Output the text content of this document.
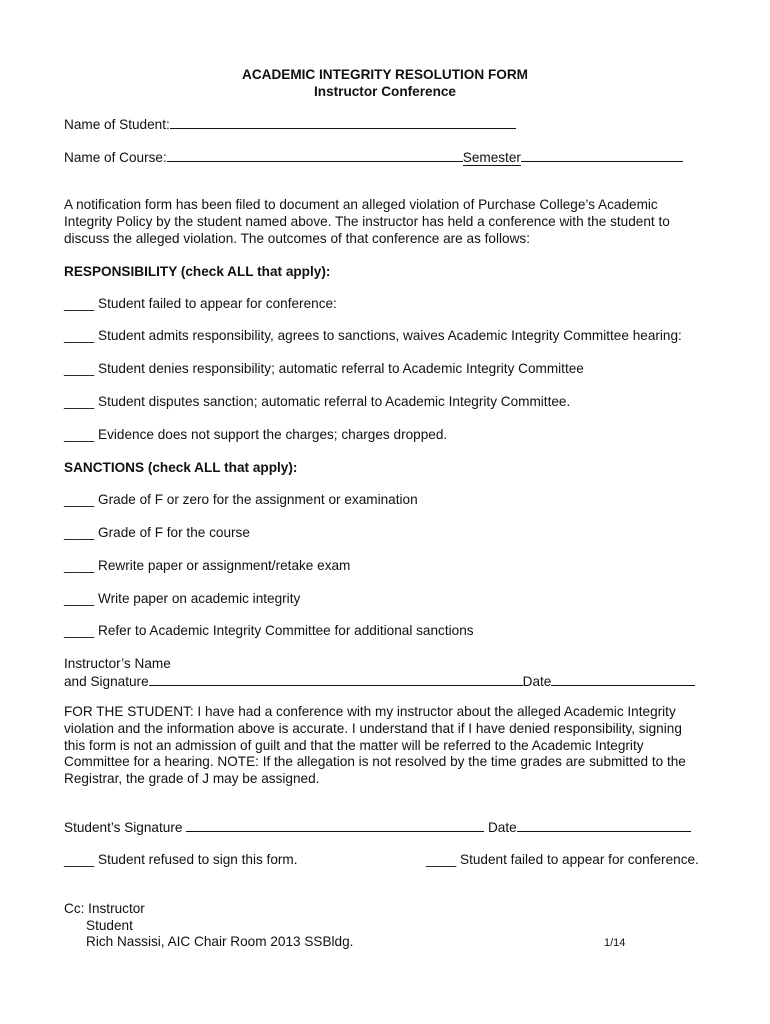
ACADEMIC INTEGRITY RESOLUTION FORM
Instructor Conference
Name of Student:
Name of Course:	Semester
A notification form has been filed to document an alleged violation of Purchase College’s Academic
Integrity Policy by the student named above. The instructor has held a conference with the student to
discuss the alleged violation. The outcomes of that conference are as follows:
RESPONSIBILITY (check ALL that apply):
____ Student failed to appear for conference:
____ Student admits responsibility, agrees to sanctions, waives Academic Integrity Committee hearing:
____ Student denies responsibility; automatic referral to Academic Integrity Committee
____ Student disputes sanction; automatic referral to Academic Integrity Committee.
____ Evidence does not support the charges; charges dropped.
SANCTIONS (check ALL that apply):
____ Grade of F or zero for the assignment or examination
____ Grade of F for the course
____ Rewrite paper or assignment/retake exam
____ Write paper on academic integrity
____ Refer to Academic Integrity Committee for additional sanctions
Instructor’s Name
and Signature	Date
FOR THE STUDENT: I have had a conference with my instructor about the alleged Academic Integrity
violation and the information above is accurate. I understand that if I have denied responsibility, signing
this form is not an admission of guilt and that the matter will be referred to the Academic Integrity
Committee for a hearing. NOTE: If the allegation is not resolved by the time grades are submitted to the
Registrar, the grade of J may be assigned.
Student’s Signature	Date
____ Student refused to sign this form.	____ Student failed to appear for conference.
Cc: Instructor
Student
Rich Nassisi, AIC Chair Room 2013 SSBldg.	1/14
